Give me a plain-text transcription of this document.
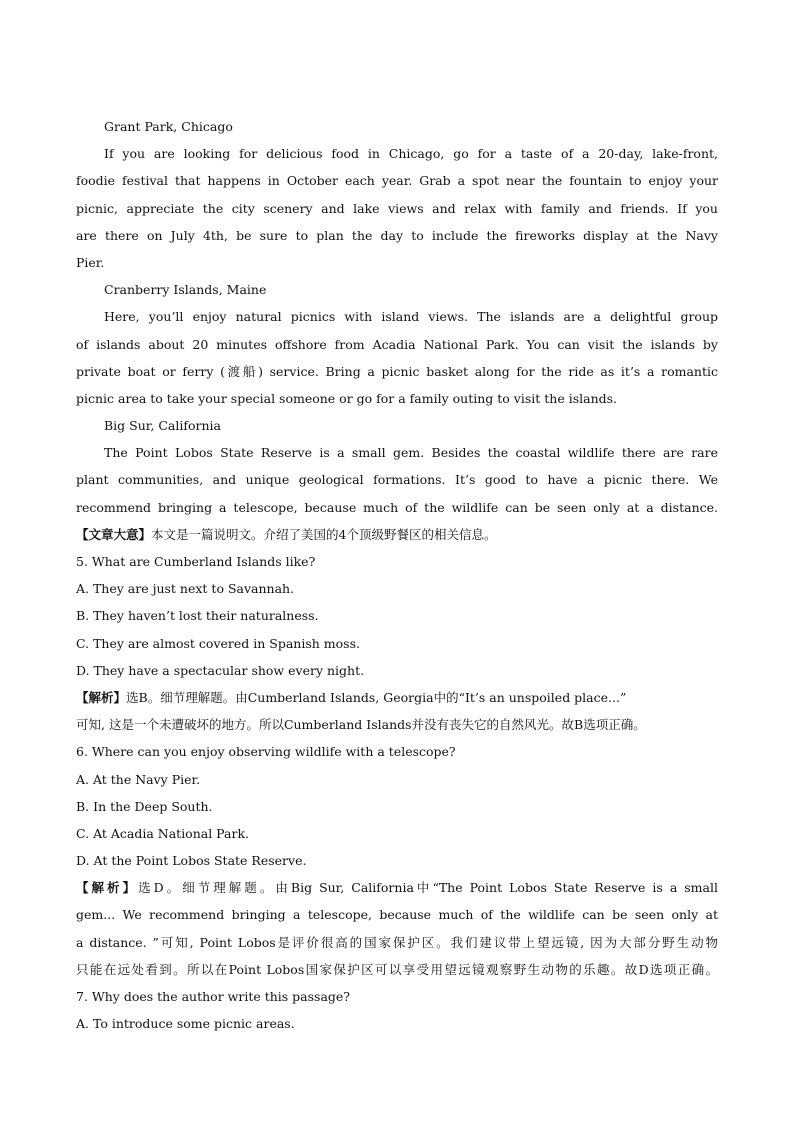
Grant Park, Chicago
If you are looking for delicious food in Chicago, go for a taste of a 20-day, lake-front,
foodie festival that happens in October each year. Grab a spot near the fountain to enjoy your
picnic, appreciate the city scenery and lake views and relax with family and friends. If you
are there on July 4th, be sure to plan the day to include the fireworks display at the Navy
Pier.
Cranberry Islands, Maine
Here, you’ll enjoy natural picnics with island views. The islands are a delightful group
of islands about 20 minutes offshore from Acadia National Park. You can visit the islands by
private boat or ferry (渡船) service. Bring a picnic basket along for the ride as it’s a romantic
picnic area to take your special someone or go for a family outing to visit the islands.
Big Sur, California
The Point Lobos State Reserve is a small gem. Besides the coastal wildlife there are rare
plant communities, and unique geological formations. It’s good to have a picnic there. We
recommend bringing a telescope, because much of the wildlife can be seen only at a distance.
【文章大意】本文是一篇说明文。介绍了美国的4个顶级野餐区的相关信息。
5. What are Cumberland Islands like?
A. They are just next to Savannah.
B. They haven’t lost their naturalness.
C. They are almost covered in Spanish moss.
D. They have a spectacular show every night.
【解析】选B。细节理解题。由Cumberland Islands, Georgia中的“It’s an unspoiled place...”
可知, 这是一个未遭破坏的地方。所以Cumberland Islands并没有丧失它的自然风光。故B选项正确。
6. Where can you enjoy observing wildlife with a telescope?
A. At the Navy Pier.
B. In the Deep South.
C. At Acadia National Park.
D. At the Point Lobos State Reserve.
【解析】选D。细节理解题。由Big Sur, California中“The Point Lobos State Reserve is a small
gem... We recommend bringing a telescope, because much of the wildlife can be seen only at
a distance. ”可知, Point Lobos是评价很高的国家保护区。我们建议带上望远镜, 因为大部分野生动物
只能在远处看到。所以在Point Lobos国家保护区可以享受用望远镜观察野生动物的乐趣。故D选项正确。
7. Why does the author write this passage?
A. To introduce some picnic areas.
